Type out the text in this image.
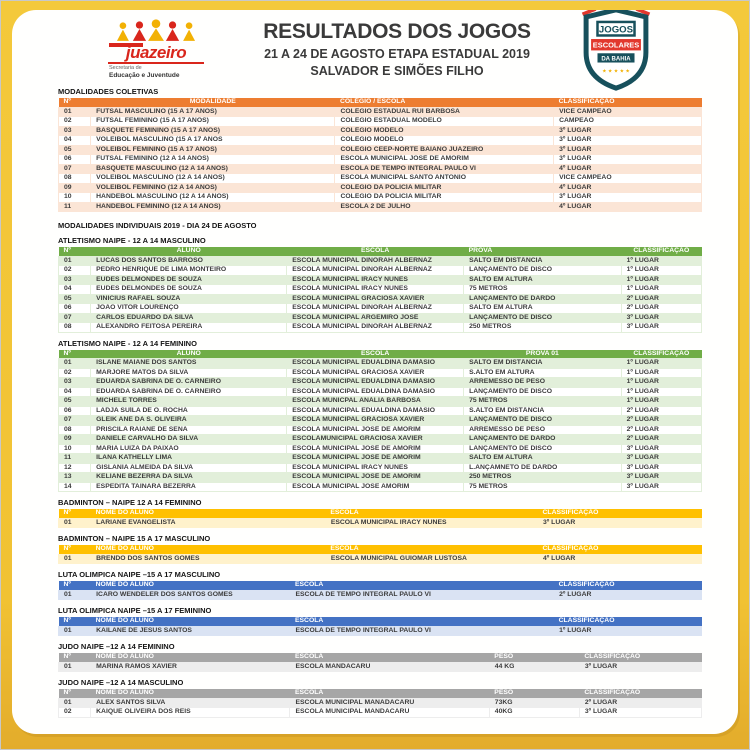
juazeiro
Secretaria de
Educação e Juventude
RESULTADOS DOS JOGOS
21 A 24 DE AGOSTO ETAPA ESTADUAL 2019
SALVADOR E SIMÕES FILHO
JOGOS
ESCOLARES
DA BAHIA
★ ★ ★ ★ ★
MODALIDADES COLETIVAS
Nº	MODALIDADE	COLÉGIO / ESCOLA	CLASSIFICAÇÃO
01	FUTSAL MASCULINO (15 A 17 ANOS)	COLÉGIO ESTADUAL RUI BARBOSA	VICE CAMPEÃO
02	FUTSAL FEMININO (15 A 17 ANOS)	COLÉGIO ESTADUAL MODELO	CAMPEÃO
03	BASQUETE FEMININO (15 A 17 ANOS)	COLÉGIO MODELO	3º LUGAR
04	VOLEIBOL MASCULINO (15 A 17 ANOS	COLÉGIO MODELO	3º LUGAR
05	VOLEIBOL FEMININO (15 A 17 ANOS)	COLÉGIO CEEP-NORTE BAIANO JUAZEIRO	3º LUGAR
06	FUTSAL FEMININO (12 A 14 ANOS)	ESCOLA MUNICIPAL JOSÉ DE AMORIM	3º LUGAR
07	BASQUETE MASCULINO (12 A 14 ANOS)	ESCOLA DE TEMPO INTEGRAL PAULO VI	4º LUGAR
08	VOLEIBOL MASCULINO (12 A 14 ANOS)	ESCOLA MUNICIPAL SANTO ANTONIO	VICE CAMPEÃO
09	VOLEIBOL FEMININO (12 A 14 ANOS)	COLÉGIO DA POLICÍA MILITAR	4º LUGAR
10	HANDEBOL MASCULINO (12 A 14 ANOS)	COLÉGIO DA POLICÍA MILITAR	3º LUGAR
11	HANDEBOL FEMININO (12 A 14 ANOS)	ESCOLA 2 DE JULHO	4º LUGAR
MODALIDADES INDIVIDUAIS 2019 - DIA 24 DE AGOSTO
ATLETISMO NAIPE - 12 A 14 MASCULINO
Nº	ALUNO	ESCOLA	PROVA	CLASSIFICAÇÃO
01	LUCAS DOS SANTOS BARROSO	ESCOLA MUNICIPAL DINORAH ALBERNAZ	SALTO EM DISTÂNCIA	1º LUGAR
02	PEDRO HENRIQUE DE LIMA MONTEIRO	ESCOLA MUNICIPAL DINORAH ALBERNAZ	LANÇAMENTO DE DISCO	1º LUGAR
03	EUDES DELMONDES DE SOUZA	ESCOLA MUNICIPAL IRACY NUNES	SALTO EM ALTURA	1º LUGAR
04	EUDES DELMONDES DE SOUZA	ESCOLA MUNICIPAL IRACY NUNES	75 METROS	1º LUGAR
05	VINICIUS RAFAEL SOUZA	ESCOLA MUNICIPAL GRACIOSA XAVIER	LANÇAMENTO DE DARDO	2º LUGAR
06	JOÃO VITOR LOURENÇO	ESCOLA MUNICIPAL DINORAH ALBERNAZ	SALTO EM ALTURA	2º LUGAR
07	CARLOS EDUARDO DA SILVA	ESCOLA MUNICIPAL ARGEMIRO JOSÉ	LANÇAMENTO DE DISCO	3º LUGAR
08	ALEXANDRO FEITOSA PEREIRA	ESCOLA MUNICIPAL DINORAH ALBERNAZ	250 METROS	3º LUGAR
ATLETISMO NAIPE - 12 A 14 FEMININO
Nº	ALUNO	ESCOLA	PROVA 01	CLASSIFICAÇÃO
01	ISLANE MAIANE DOS SANTOS	ESCOLA MUNICIPAL EDUALDINA DAMÁSIO	SALTO EM DISTÂNCIA	1º LUGAR
02	MARJORE MATOS DA SILVA	ESCOLA MUNICIPAL GRACIOSA XAVIER	S.ALTO EM ALTURA	1º LUGAR
03	EDUARDA SABRINA DE O. CARNEIRO	ESCOLA MUNICIPAL EDUALDINA DAMÁSIO	ARREMESSO DE PESO	1º LUGAR
04	EDUARDA SABRINA DE O. CARNEIRO	ESCOLA MUNICIPAL EDUALDINA DAMÁSIO	LANÇAMENTO DE DISCO	1º LUGAR
05	MICHELE TORRES	ESCOLA MUNICPAL ANÁLIA BARBOSA	75 METROS	1º LUGAR
06	LADJA SUÍLA DE O. ROCHA	ESCOLA MUNICIPAL EDUALDINA DAMÁSIO	S.ALTO EM DISTÂNCIA	2º LUGAR
07	GLEIK ANE DA S. OLIVEIRA	ESCOLA MUNICIPAL GRACIOSA XAVIER	LANÇAMENTO DE DISCO	2º LUGAR
08	PRISCILA RAIANE DE SENA	ESCOLA MUNICIPAL JOSÉ DE AMORIM	ARREMESSO DE PESO	2º LUGAR
09	DANIELE CARVALHO DA SILVA	ESCOLAMUNICIPAL GRACIOSA XAVIER	LANÇAMENTO DE DARDO	2º LUGAR
10	MARIA LUIZA DA PAIXÃO	ESCOLA MUNICIPAL JOSÉ DE AMORIM	LANÇAMENTO DE DISCO	3º LUGAR
11	ILANA KATHELLY LIMA	ESCOLA MUNICIPAL JOSÉ DE AMORIM	SALTO EM ALTURA	3º LUGAR
12	GISLANIA ALMEIDA DA SILVA	ESCOLA MUNICIPAL IRACY NUNES	L.ANÇAMNETO DE DARDO	3º LUGAR
13	KELIANE BEZERRA DA SILVA	ESCOLA MUNICIPAL JOSÉ DE AMORIM	250 METROS	3º LUGAR
14	ESPEDITA TAINARA BEZERRA	ESCOLA MUNICIPAL JOSE AMORIM	75 METROS	3º LUGAR
BADMINTON – NAIPE 12 A 14 FEMININO
Nº	NOME DO ALUNO	ESCOLA	CLASSIFICAÇÃO
01	LARIANE EVANGELISTA	ESCOLA MUNICIPAL IRACY NUNES	3º LUGAR
BADMINTON – NAIPE 15 A 17 MASCULINO
Nº	NOME DO ALUNO	ESCOLA	CLASSIFICAÇÃO
01	BRENDO DOS SANTOS GOMES	ESCOLA MUNICIPAL GUIOMAR LUSTOSA	4º LUGAR
LUTA OLIMPICA NAIPE –15 A 17 MASCULINO
Nº	NOME DO ALUNO	ESCOLA	CLASSIFICAÇÃO
01	ICARO WENDELER DOS SANTOS GOMES	ESCOLA DE TEMPO INTEGRAL PAULO VI	2º LUGAR
LUTA OLIMPICA NAIPE –15 A 17 FEMININO
Nº	NOME DO ALUNO	ESCOLA	CLASSIFICAÇÃO
01	KAILANE DE JESUS SANTOS	ESCOLA DE TEMPO INTEGRAL PAULO VI	1º LUGAR
JUDO NAIPE –12 A 14 FEMININO
Nº	NOME DO ALUNO	ESCOLA	PESO	CLASSIFICAÇÃO
01	MARINA RAMOS XAVIER	ESCOLA MANDACARU	44 KG	3º LUGAR
JUDO NAIPE –12 A 14 MASCULINO
Nº	NOME DO ALUNO	ESCOLA	PESO	CLASSIFICAÇÃO
01	ALEX SANTOS SILVA	ESCOLA MUNICIPAL MANADACARU	73KG	2º LUGAR
02	KAIQUE OLIVEIRA DOS REIS	ESCOLA MUNICIPAL MANDACARU	40KG	3º LUGAR
